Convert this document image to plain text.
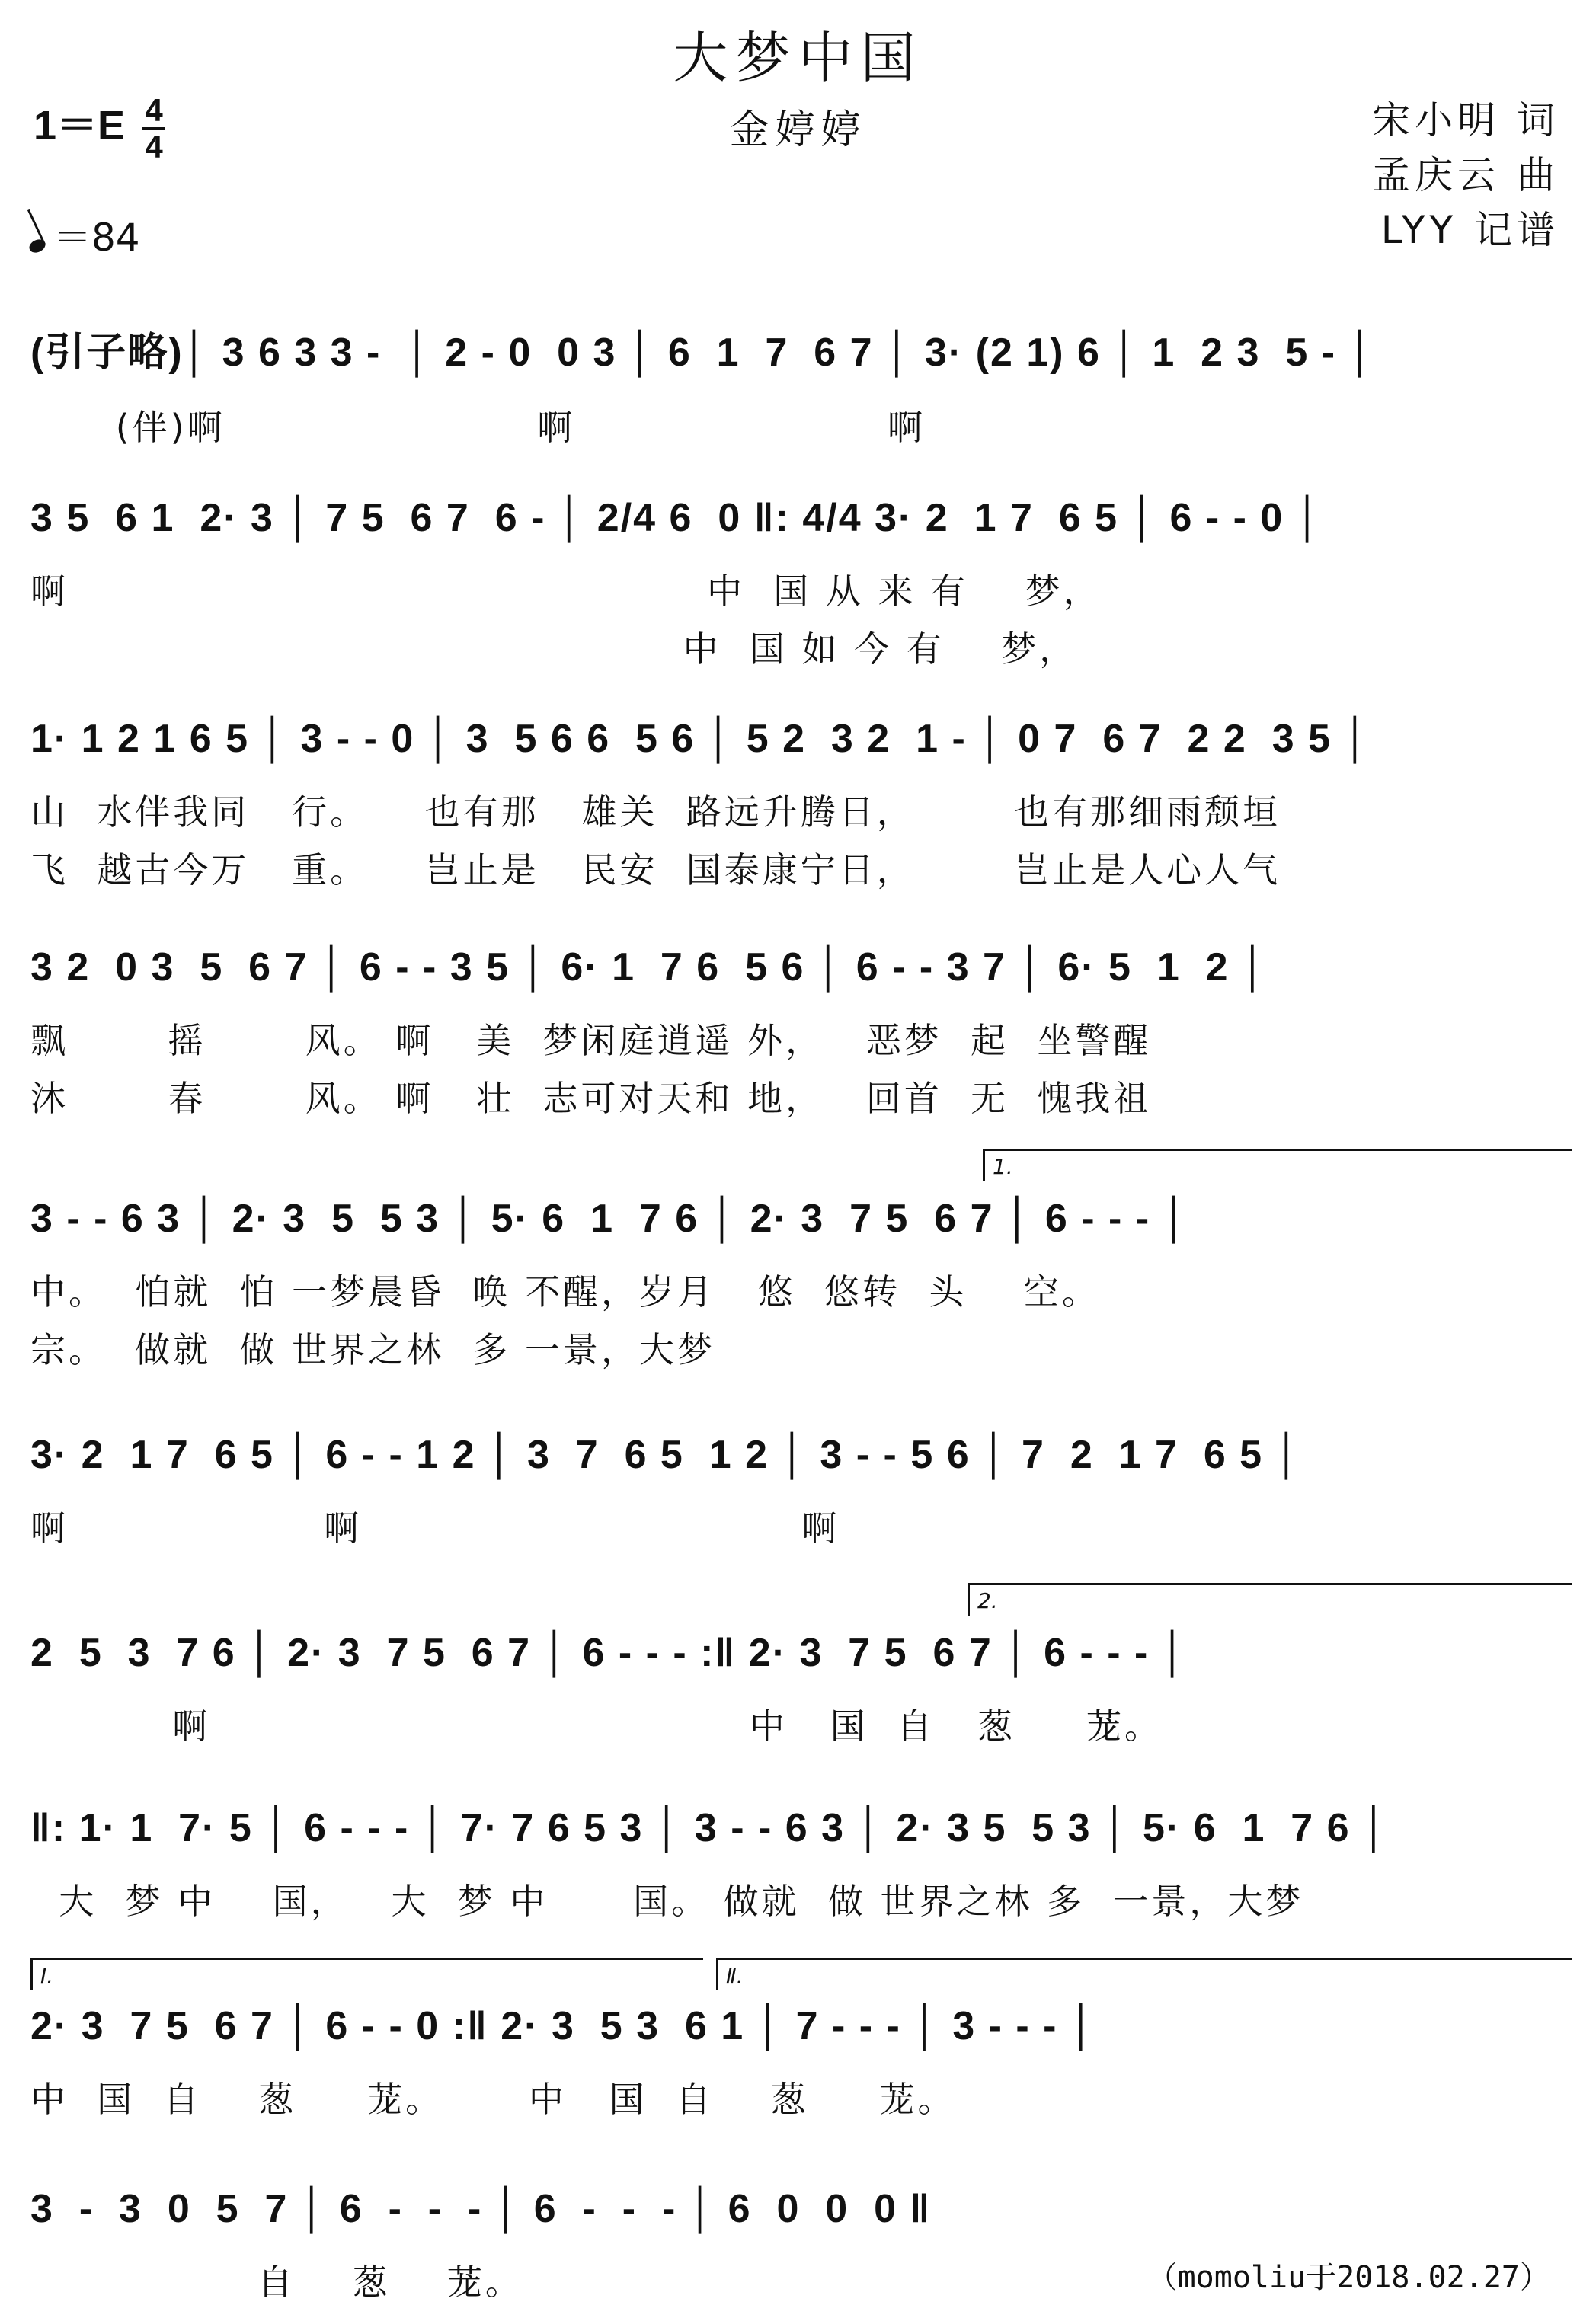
大梦中国
金婷婷	宋小明 词
孟庆云 曲
LYY 记谱
$1=E \frac{4}{4}$
＝84
(引子略)│ 3 6 3 3 -  │ 2 - 0  0 3 │ 6  1  7  6 7 │ 3· (2 1) 6 │ 1  2 3  5 - │
(伴)啊                      啊                      啊
3 5  6 1  2· 3 │ 7 5  6 7  6 - │ 2/4 6  0 ‖: 4/4 3· 2  1 7  6 5 │ 6 - - 0 │
啊                                             中  国 从 来 有    梦，
中  国 如 今 有    梦，
1· 1 2 1 6 5 │ 3 - - 0 │ 3  5 6 6  5 6 │ 5 2  3 2  1 - │ 0 7  6 7  2 2  3 5 │
山  水伴我同   行。    也有那   雄关  路远升腾日，       也有那细雨颓垣
飞  越古今万   重。    岂止是   民安  国泰康宁日，       岂止是人心人气
3 2  0 3  5  6 7 │ 6 - - 3 5 │ 6· 1  7 6  5 6 │ 6 - - 3 7 │ 6· 5  1  2 │
飘       摇       风。 啊   美  梦闲庭逍遥 外，   恶梦  起  坐警醒
沐       春       风。 啊   壮  志可对天和 地，   回首  无  愧我祖
1.
3 - - 6 3 │ 2· 3  5  5 3 │ 5· 6  1  7 6 │ 2· 3  7 5  6 7 │ 6 - - - │
中。  怕就  怕 一梦晨昏  唤 不醒，岁月   悠  悠转  头    空。
宗。  做就  做 世界之林  多 一景，大梦
3· 2  1 7  6 5 │ 6 - - 1 2 │ 3  7  6 5  1 2 │ 3 - - 5 6 │ 7  2  1 7  6 5 │
啊                  啊                               啊
2.
2  5  3  7 6 │ 2· 3  7 5  6 7 │ 6 - - - :‖ 2· 3  7 5  6 7 │ 6 - - - │
啊                                      中   国  自   葱     茏。
‖: 1· 1  7· 5 │ 6 - - - │ 7· 7 6 5 3 │ 3 - - 6 3 │ 2· 3 5  5 3 │ 5· 6  1  7 6 │
大  梦 中    国，   大  梦 中      国。 做就  做 世界之林 多  一景，大梦
Ⅰ.	Ⅱ.
2· 3  7 5  6 7 │ 6 - - 0 :‖ 2· 3  5 3  6 1 │ 7 - - - │ 3 - - - │
中  国  自    葱     茏。      中   国  自    葱     茏。
3  -  3  0  5  7 │ 6  -  -  - │ 6  -  -  - │ 6  0  0  0 ‖
自    葱    茏。	（momoliu于2018.02.27）
